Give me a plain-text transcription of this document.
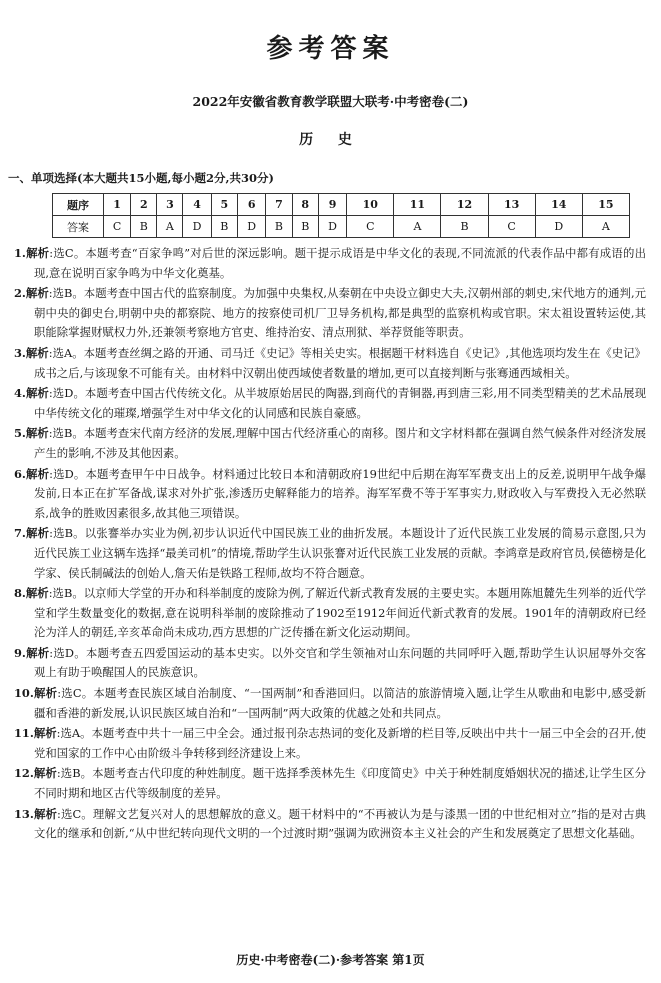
参考答案
2022年安徽省教育教学联盟大联考·中考密卷(二)
历 史
一、单项选择(本大题共15小题,每小题2分,共30分)
题序	1	2	3	4	5	6	7	8	9	10	11	12	13	14	15
答案	C	B	A	D	B	D	B	B	D	C	A	B	C	D	A
1.解析:选C。本题考查“百家争鸣”对后世的深远影响。题干提示成语是中华文化的表现,不同流派的代表作品中都有成语的出现,意在说明百家争鸣为中华文化奠基。
2.解析:选B。本题考查中国古代的监察制度。为加强中央集权,从秦朝在中央设立御史大夫,汉朝州部的刺史,宋代地方的通判,元朝中央的御史台,明朝中央的都察院、地方的按察使司机厂卫导务机构,都是典型的监察机构或官职。宋太祖设置转运使,其职能除掌握财赋权力外,还兼领考察地方官吏、维持治安、清点刑狱、举荐贤能等职责。
3.解析:选A。本题考查丝绸之路的开通、司马迁《史记》等相关史实。根据题干材料选自《史记》,其他选项均发生在《史记》成书之后,与该现象不可能有关。由材料中汉朝出使西域使者数量的增加,更可以直接判断与张骞通西域相关。
4.解析:选D。本题考查中国古代传统文化。从半坡原始居民的陶器,到商代的青铜器,再到唐三彩,用不同类型精美的艺术品展现中华传统文化的璀璨,增强学生对中华文化的认同感和民族自豪感。
5.解析:选B。本题考查宋代南方经济的发展,理解中国古代经济重心的南移。图片和文字材料都在强调自然气候条件对经济发展产生的影响,不涉及其他因素。
6.解析:选D。本题考查甲午中日战争。材料通过比较日本和清朝政府19世纪中后期在海军军费支出上的反差,说明甲午战争爆发前,日本正在扩军备战,谋求对外扩张,渗透历史解释能力的培养。海军军费不等于军事实力,财政收入与军费投入无必然联系,战争的胜败因素很多,故其他三项错误。
7.解析:选B。以张謇举办实业为例,初步认识近代中国民族工业的曲折发展。本题设计了近代民族工业发展的简易示意图,只为近代民族工业这辆车选择“最美司机”的情境,帮助学生认识张謇对近代民族工业发展的贡献。李鸿章是政府官员,侯德榜是化学家、侯氏制碱法的创始人,詹天佑是铁路工程师,故均不符合题意。
8.解析:选B。以京师大学堂的开办和科举制度的废除为例,了解近代新式教育发展的主要史实。本题用陈旭麓先生列举的近代学堂和学生数量变化的数据,意在说明科举制的废除推动了1902至1912年间近代新式教育的发展。1901年的清朝政府已经沦为洋人的朝廷,辛亥革命尚未成功,西方思想的广泛传播在新文化运动期间。
9.解析:选D。本题考查五四爱国运动的基本史实。以外交官和学生领袖对山东问题的共同呼吁入题,帮助学生认识屈辱外交客观上有助于唤醒国人的民族意识。
10.解析:选C。本题考查民族区域自治制度、“一国两制”和香港回归。以简洁的旅游情境入题,让学生从歌曲和电影中,感受新疆和香港的新发展,认识民族区域自治和“一国两制”两大政策的优越之处和共同点。
11.解析:选A。本题考查中共十一届三中全会。通过报刊杂志热词的变化及新增的栏目等,反映出中共十一届三中全会的召开,使党和国家的工作中心由阶级斗争转移到经济建设上来。
12.解析:选B。本题考查古代印度的种姓制度。题干选择季羡林先生《印度简史》中关于种姓制度婚姻状况的描述,让学生区分不同时期和地区古代等级制度的差异。
13.解析:选C。理解文艺复兴对人的思想解放的意义。题干材料中的“不再被认为是与漆黑一团的中世纪相对立”指的是对古典文化的继承和创新,“从中世纪转向现代文明的一个过渡时期”强调为欧洲资本主义社会的产生和发展奠定了思想文化基础。
历史·中考密卷(二)·参考答案 第1页
